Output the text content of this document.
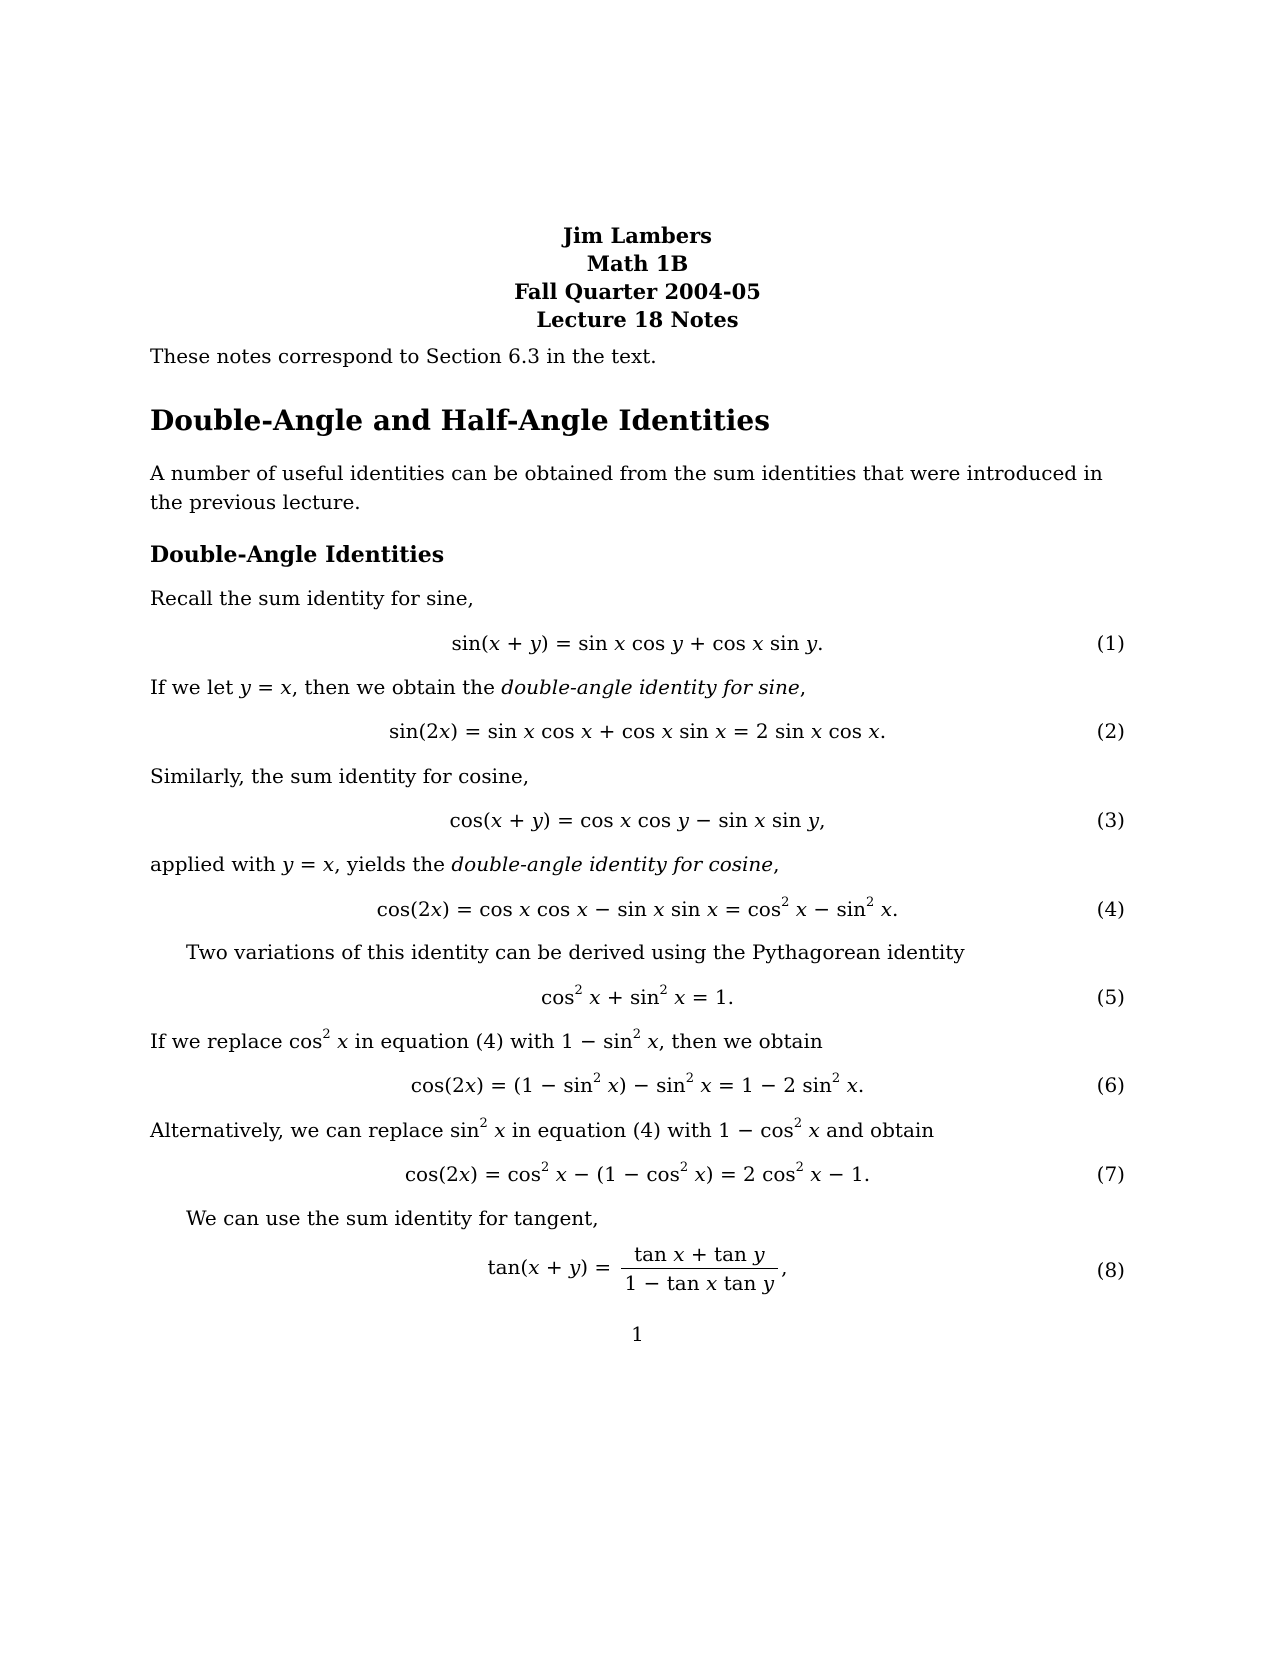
Jim Lambers
Math 1B
Fall Quarter 2004-05
Lecture 18 Notes
These notes correspond to Section 6.3 in the text.
Double-Angle and Half-Angle Identities
A number of useful identities can be obtained from the sum identities that were introduced in the previous lecture.
Double-Angle Identities
Recall the sum identity for sine,
sin(x + y) = sin x cos y + cos x sin y.	(1)
If we let y = x, then we obtain the double-angle identity for sine,
sin(2x) = sin x cos x + cos x sin x = 2 sin x cos x.	(2)
Similarly, the sum identity for cosine,
cos(x + y) = cos x cos y − sin x sin y,	(3)
applied with y = x, yields the double-angle identity for cosine,
cos(2x) = cos x cos x − sin x $\sin x = \cos^2 x - \sin^2 x$.	(4)
Two variations of this identity can be derived using the Pythagorean identity
$\cos^2 x + \sin^2 x = 1$.	(5)
If we replace $\cos^2 x$ in equation (4) with $1 - \sin^2 x$, then we obtain
$\cos(2x) = (1 - \sin^2 x) - \sin^2 x = 1 - 2$ $\sin^2 x$.	(6)
Alternatively, we can replace $\sin^2 x$ in equation (4) with $1 - \cos^2 x$ and obtain
$\cos(2x) = \cos^2 x - (1 - \cos^2 x) = 2$ $\cos^2 x - 1$.	(7)
We can use the sum identity for tangent,
$\tan(x + y) = \frac{\text{tan x + tan y}}{\text{1 − tan x tan y}}$ ,	(8)
1
